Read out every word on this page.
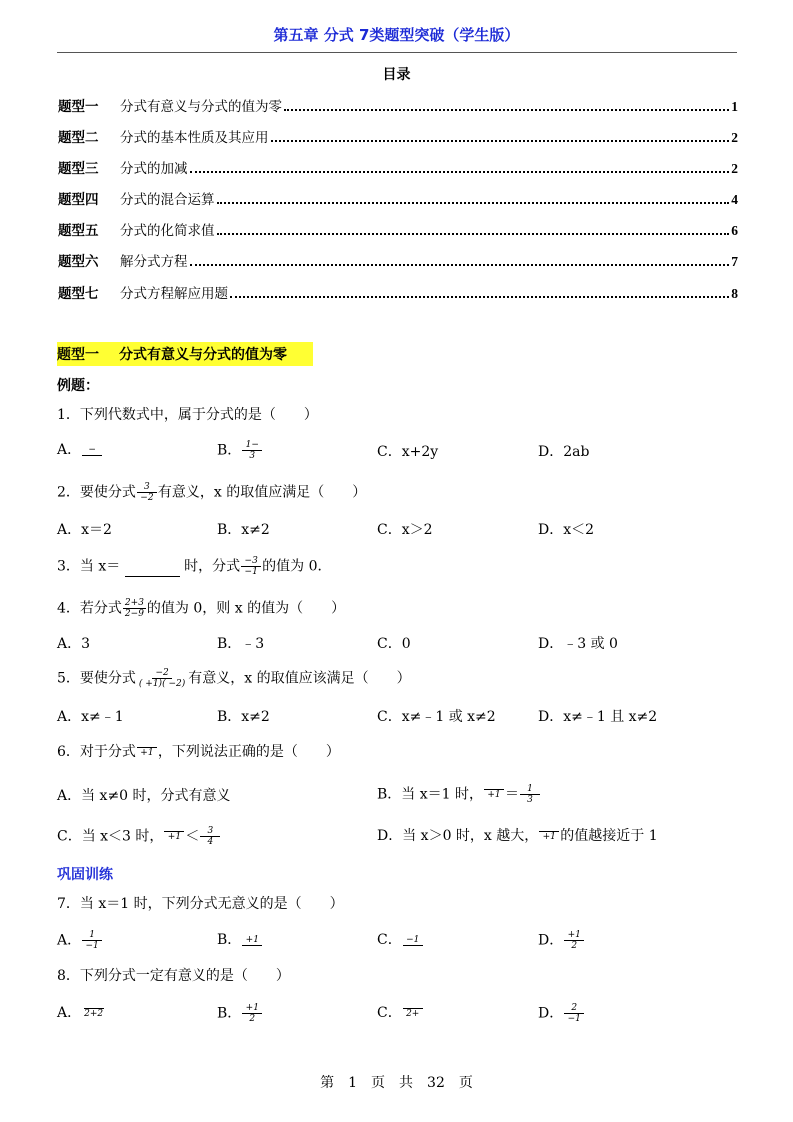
第五章 分式 7类题型突破（学生版）
目录
题型一	分式有意义与分式的值为零	1
题型二	分式的基本性质及其应用	2
题型三	分式的加减	2
题型四	分式的混合运算	4
题型五	分式的化简求值	6
题型六	解分式方程	7
题型七	分式方程解应用题	8
题型一	分式有意义与分式的值为零
例题：
1．下列代数式中，属于分式的是（　　）
A． −	B． $\frac{1-}{3}$	C．x+2y	D．2ab
2．要使分式 $\frac{3}{-2}$ 有意义，x 的取值应满足（　　）
A．x＝2	B．x≠2	C．x＞2	D．x＜2
3．当 x＝	时，分式 $\frac{-3}{-1}$ 的值为 0．
4．若分式 $\frac{2+3}{2-9}$ 的值为 0，则 x 的值为（　　）
A．3	B．﹣3	C．0	D．﹣3 或 0
5．要使分式 $\frac{-2}{( +1)( -2)}$ 有意义，x 的取值应该满足（　　）
A．x≠﹣1	B．x≠2	C．x≠﹣1 或 x≠2	D．x≠﹣1 且 x≠2
6．对于分式 +1 ，下列说法正确的是（　　）
A．当 x≠0 时，分式有意义	B．当 x＝1 时， $+1 = \frac{1}{3}$
C．当 x＜3 时， $+1 < \frac{3}{4}$	D．当 x＞0 时，x 越大， +1 的值越接近于 1
巩固训练
7．当 x＝1 时，下列分式无意义的是（　　）
A． $\frac{1}{-1}$	B． +1	C． −1	D． $\frac{+1}{2}$
8．下列分式一定有意义的是（　　）
A． 2+2	B． $\frac{+1}{2}$	C． 2+	D． $\frac{2}{-1}$
第　1　页　共　32　页
